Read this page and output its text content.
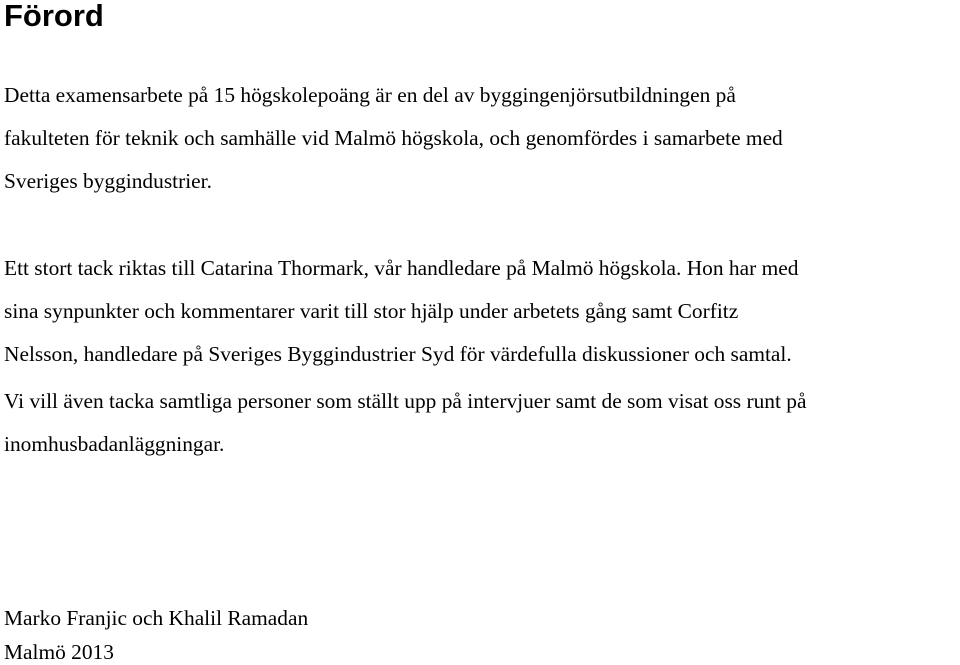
Förord

Detta examensarbete på 15 högskolepoäng är en del av byggingenjörsutbildningen på

fakulteten för teknik och samhälle vid Malmö högskola, och genomfördes i samarbete med

Sveriges byggindustrier.

Ett stort tack riktas till Catarina Thormark, vår handledare på Malmö högskola. Hon har med

sina synpunkter och kommentarer varit till stor hjälp under arbetets gång samt Corfitz

Nelsson, handledare på Sveriges Byggindustrier Syd för värdefulla diskussioner och samtal.

Vi vill även tacka samtliga personer som ställt upp på intervjuer samt de som visat oss runt på

inomhusbadanläggningar.

Marko Franjic och Khalil Ramadan

Malmö 2013
